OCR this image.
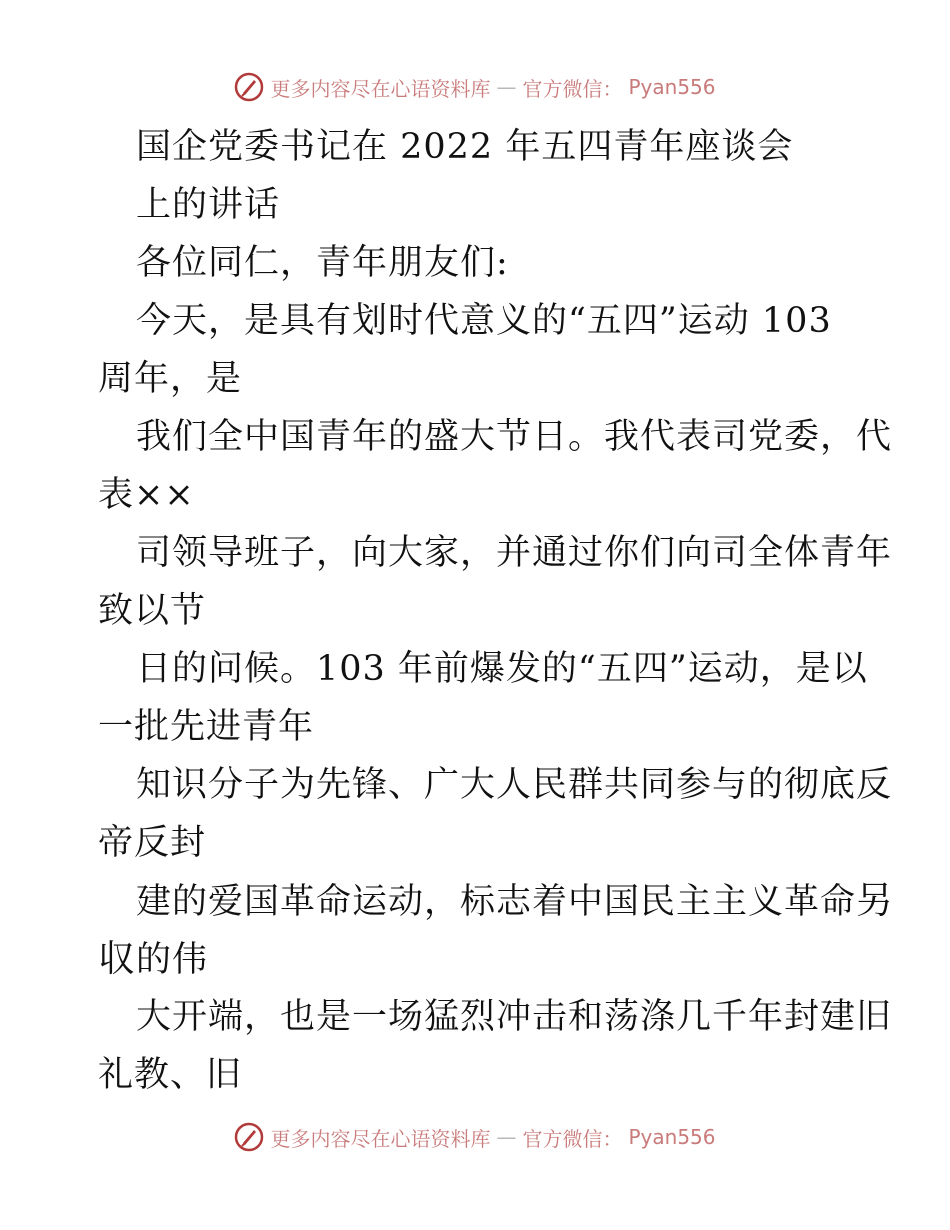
更多内容尽在心语资料库 — 官方微信： Pyan556
国企党委书记在 2022 年五四青年座谈会
上的讲话
各位同仁，青年朋友们:
今天，是具有划时代意义的“五四”运动 103
周年，是
我们全中国青年的盛大节日。我代表司党委，代
表××
司领导班子，向大家，并通过你们向司全体青年
致以节
日的问候。103 年前爆发的“五四”运动，是以
一批先进青年
知识分子为先锋、广大人民群共同参与的彻底反
帝反封
建的爱国革命运动，标志着中国民主主义革命另
収的伟
大开端，也是一场猛烈冲击和荡涤几千年封建旧
礼教、旧
更多内容尽在心语资料库 — 官方微信： Pyan556
